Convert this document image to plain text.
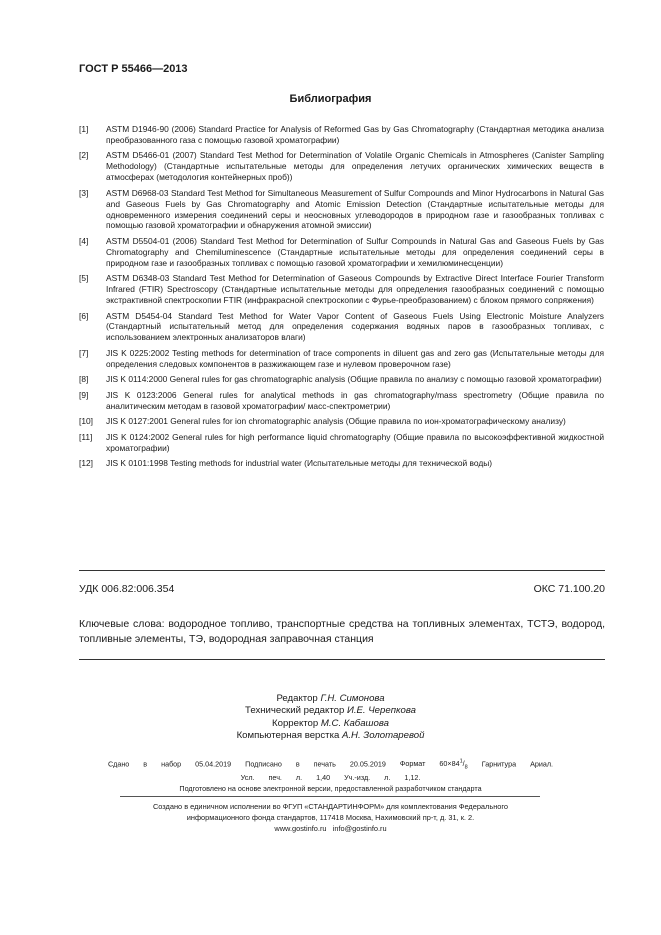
ГОСТ Р 55466—2013
Библиография
[1]	ASTM D1946-90 (2006) Standard Practice for Analysis of Reformed Gas by Gas Chromatography (Стандартная методика анализа преобразованного газа с помощью газовой хроматографии)
[2]	ASTM D5466-01 (2007) Standard Test Method for Determination of Volatile Organic Chemicals in Atmospheres (Canister Sampling Methodology) (Стандартные испытательные методы для определения летучих органических химических веществ в атмосферах (методология контейнерных проб))
[3]	ASTM D6968-03 Standard Test Method for Simultaneous Measurement of Sulfur Compounds and Minor Hydrocarbons in Natural Gas and Gaseous Fuels by Gas Chromatography and Atomic Emission Detection (Стандартные испытательные методы для одновременного измерения соединений серы и неосновных углеводородов в природном газе и газообразных топливах с помощью газовой хроматографии и обнаружения атомной эмиссии)
[4]	ASTM D5504-01 (2006) Standard Test Method for Determination of Sulfur Compounds in Natural Gas and Gaseous Fuels by Gas Chromatography and Chemiluminescence (Стандартные испытательные методы для определения соединений серы в природном газе и газообразных топливах с помощью газовой хроматографии и хемилюминесценции)
[5]	ASTM D6348-03 Standard Test Method for Determination of Gaseous Compounds by Extractive Direct Interface Fourier Transform Infrared (FTIR) Spectroscopy (Стандартные испытательные методы для определения газообразных соединений с помощью экстрактивной спектроскопии FTIR (инфракрасной спектроскопии с Фурье-преобразованием) с блоком прямого сопряжения)
[6]	ASTM D5454-04 Standard Test Method for Water Vapor Content of Gaseous Fuels Using Electronic Moisture Analyzers (Стандартный испытательный метод для определения содержания водяных паров в газообразных топливах, с использованием электронных анализаторов влаги)
[7]	JIS K 0225:2002 Testing methods for determination of trace components in diluent gas and zero gas (Испытательные методы для определения следовых компонентов в разжижающем газе и нулевом проверочном газе)
[8]	JIS K 0114:2000 General rules for gas chromatographic analysis (Общие правила по анализу с помощью газовой хроматографии)
[9]	JIS K 0123:2006 General rules for analytical methods in gas chromatography/mass spectrometry (Общие правила по аналитическим методам в газовой хроматографии/ масс-спектрометрии)
[10]	JIS K 0127:2001 General rules for ion chromatographic analysis (Общие правила по ион-хроматографическому анализу)
[11]	JIS K 0124:2002 General rules for high performance liquid chromatography (Общие правила по высокоэффективной жидкостной хроматографии)
[12]	JIS K 0101:1998 Testing methods for industrial water (Испытательные методы для технической воды)
УДК 006.82:006.354	ОКС 71.100.20
Ключевые слова: водородное топливо, транспортные средства на топливных элементах, ТСТЭ, водород, топливные элементы, ТЭ, водородная заправочная станция
Редактор Г.Н. Симонова
Технический редактор И.Е. Черепкова
Корректор М.С. Кабашова
Компьютерная верстка А.Н. Золотаревой
Сдано в набор 05.04.2019 Подписано в печать 20.05.2019 Формат $60\times 84^1/_8$ Гарнитура Ариал.
Усл. печ. л. 1,40 Уч.-изд. л. 1,12.
Подготовлено на основе электронной версии, предоставленной разработчиком стандарта
Создано в единичном исполнении во ФГУП «СТАНДАРТИНФОРМ» для комплектования Федерального
информационного фонда стандартов, 117418 Москва, Нахимовский пр-т, д. 31, к. 2.
www.gostinfo.ru info@gostinfo.ru
